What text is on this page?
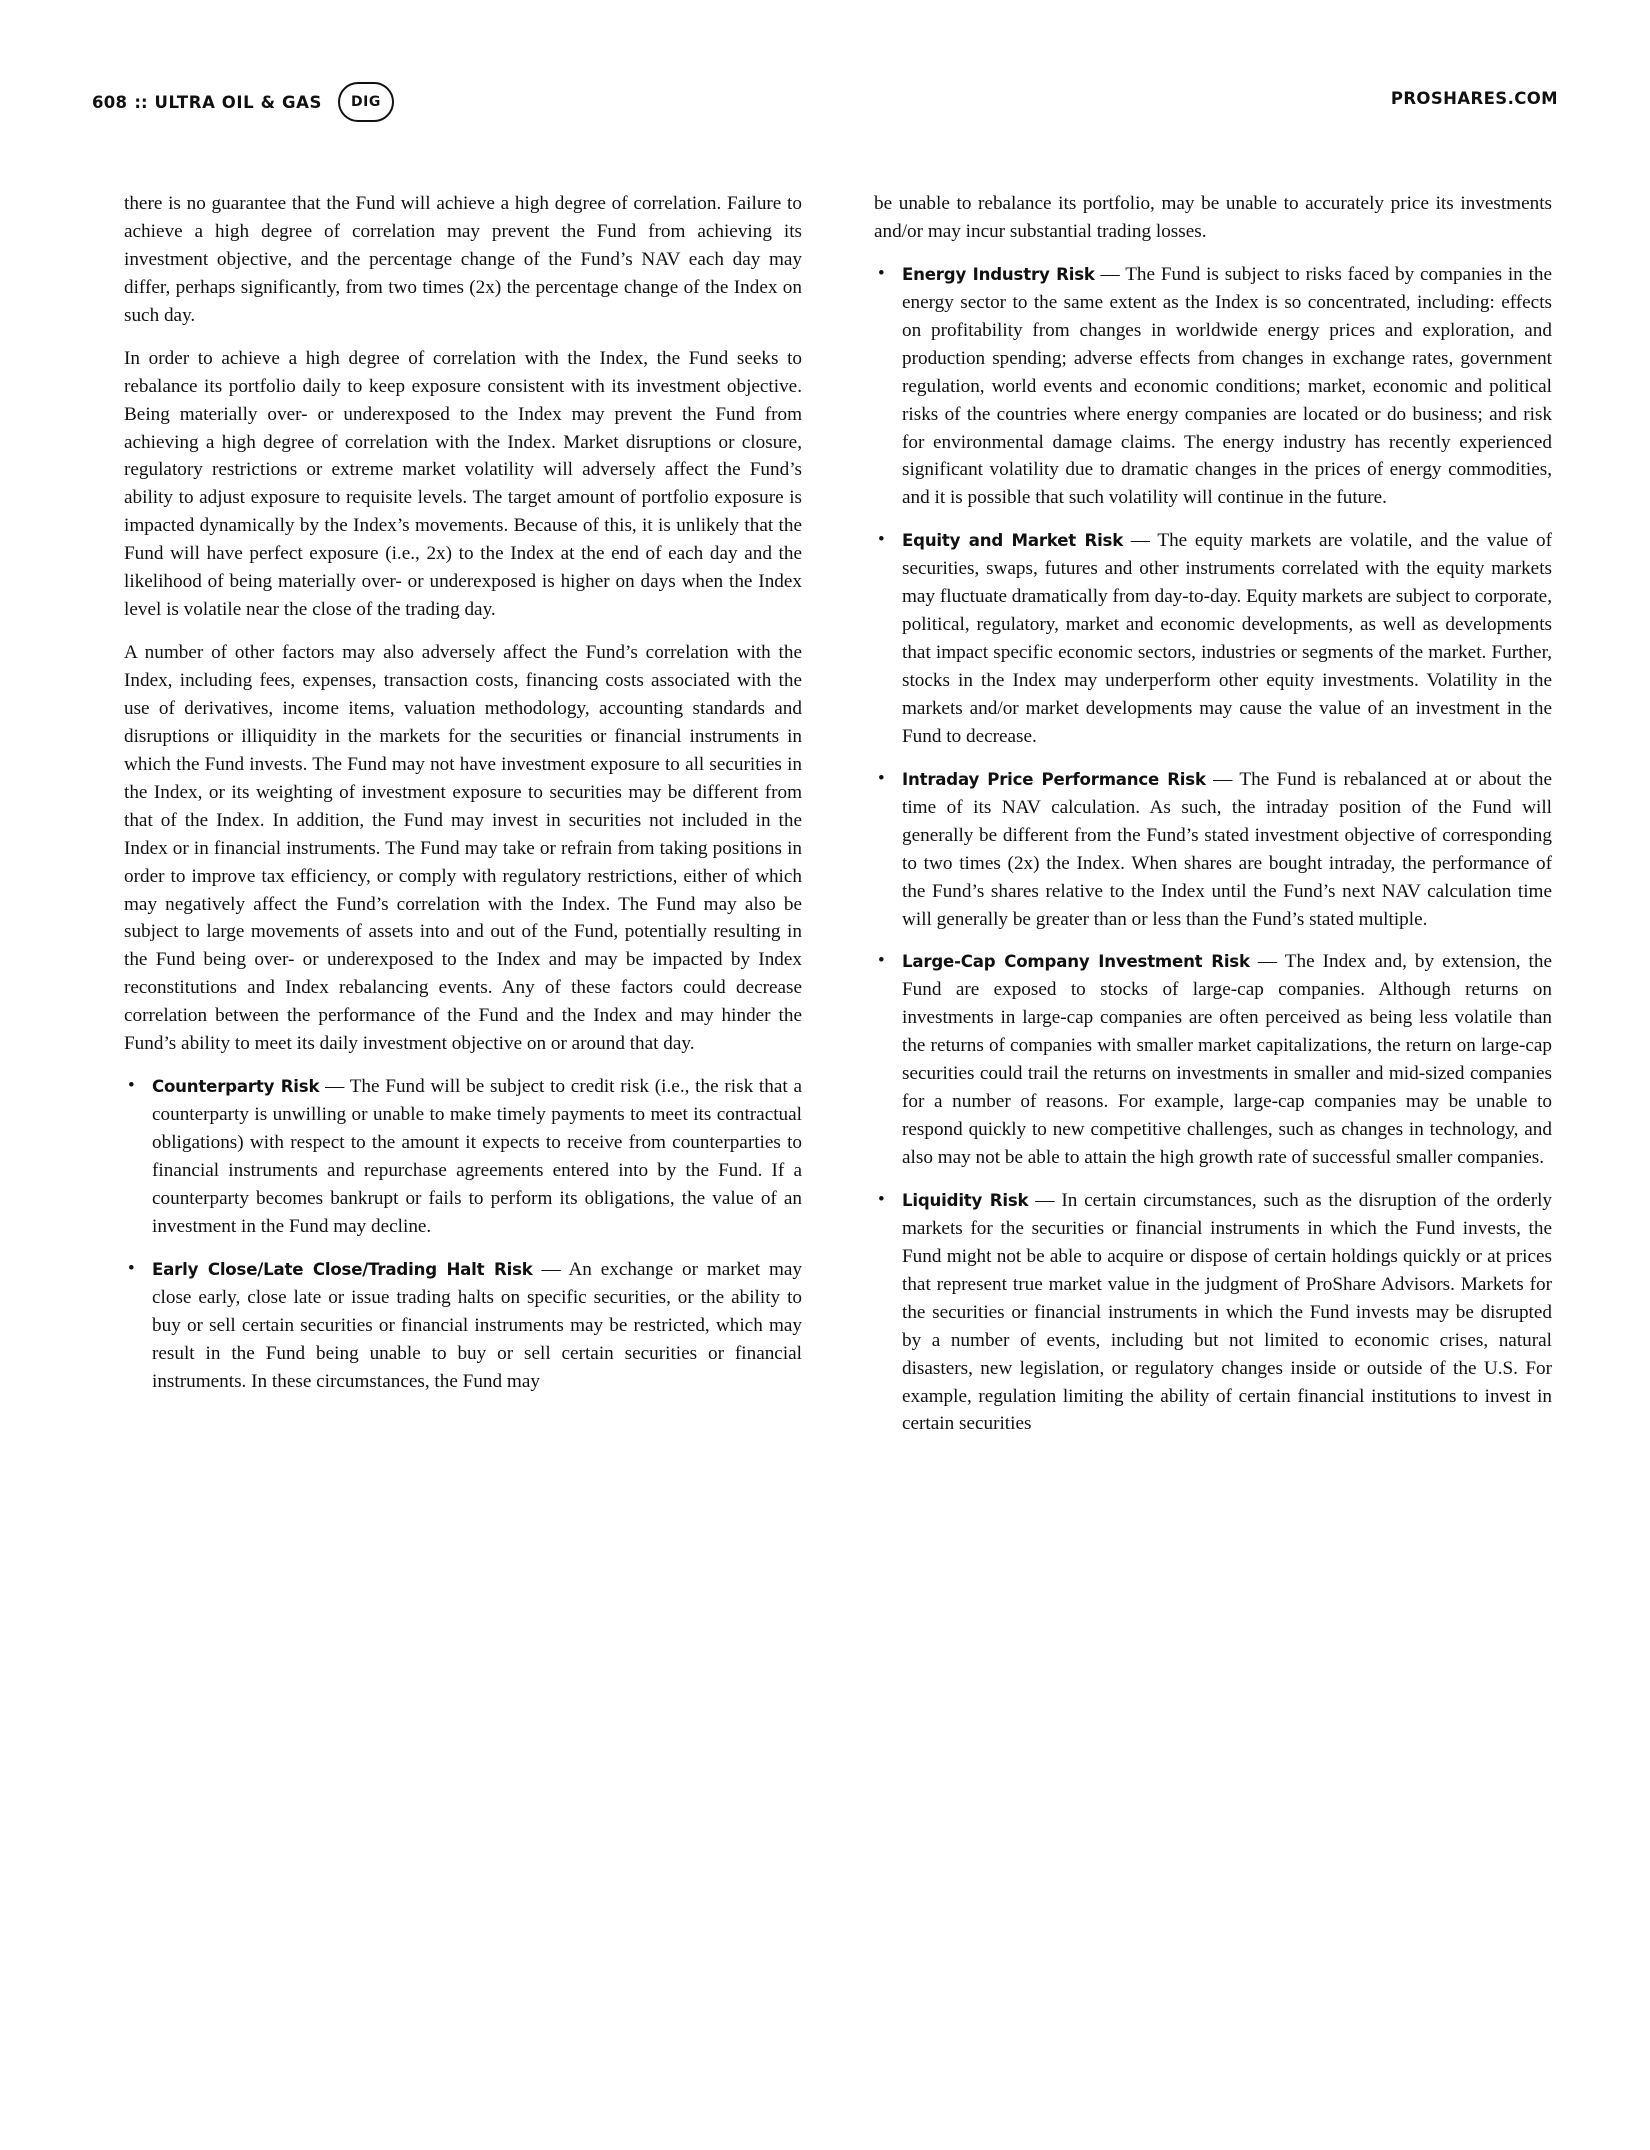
608 :: ULTRA OIL & GAS	DIG	PROSHARES.COM

there is no guarantee that the Fund will achieve a high degree of correlation. Failure to achieve a high degree of correlation may prevent the Fund from achieving its investment objective, and the percentage change of the Fund’s NAV each day may differ, perhaps significantly, from two times (2x) the percentage change of the Index on such day.

In order to achieve a high degree of correlation with the Index, the Fund seeks to rebalance its portfolio daily to keep exposure consistent with its investment objective. Being materially over- or underexposed to the Index may prevent the Fund from achieving a high degree of correlation with the Index. Market disruptions or closure, regulatory restrictions or extreme market volatility will adversely affect the Fund’s ability to adjust exposure to requisite levels. The target amount of portfolio exposure is impacted dynamically by the Index’s movements. Because of this, it is unlikely that the Fund will have perfect exposure (i.e., 2x) to the Index at the end of each day and the likelihood of being materially over- or underexposed is higher on days when the Index level is volatile near the close of the trading day.

A number of other factors may also adversely affect the Fund’s correlation with the Index, including fees, expenses, transaction costs, financing costs associated with the use of derivatives, income items, valuation methodology, accounting standards and disruptions or illiquidity in the markets for the securities or financial instruments in which the Fund invests. The Fund may not have investment exposure to all securities in the Index, or its weighting of investment exposure to securities may be different from that of the Index. In addition, the Fund may invest in securities not included in the Index or in financial instruments. The Fund may take or refrain from taking positions in order to improve tax efficiency, or comply with regulatory restrictions, either of which may negatively affect the Fund’s correlation with the Index. The Fund may also be subject to large movements of assets into and out of the Fund, potentially resulting in the Fund being over- or underexposed to the Index and may be impacted by Index reconstitutions and Index rebalancing events. Any of these factors could decrease correlation between the performance of the Fund and the Index and may hinder the Fund’s ability to meet its daily investment objective on or around that day.

• Counterparty Risk — The Fund will be subject to credit risk (i.e., the risk that a counterparty is unwilling or unable to make timely payments to meet its contractual obligations) with respect to the amount it expects to receive from counterparties to financial instruments and repurchase agreements entered into by the Fund. If a counterparty becomes bankrupt or fails to perform its obligations, the value of an investment in the Fund may decline.
• Early Close/Late Close/Trading Halt Risk — An exchange or market may close early, close late or issue trading halts on specific securities, or the ability to buy or sell certain securities or financial instruments may be restricted, which may result in the Fund being unable to buy or sell certain securities or financial instruments. In these circumstances, the Fund may

be unable to rebalance its portfolio, may be unable to accurately price its investments and/or may incur substantial trading losses.

• Energy Industry Risk — The Fund is subject to risks faced by companies in the energy sector to the same extent as the Index is so concentrated, including: effects on profitability from changes in worldwide energy prices and exploration, and production spending; adverse effects from changes in exchange rates, government regulation, world events and economic conditions; market, economic and political risks of the countries where energy companies are located or do business; and risk for environmental damage claims. The energy industry has recently experienced significant volatility due to dramatic changes in the prices of energy commodities, and it is possible that such volatility will continue in the future.
• Equity and Market Risk — The equity markets are volatile, and the value of securities, swaps, futures and other instruments correlated with the equity markets may fluctuate dramatically from day-to-day. Equity markets are subject to corporate, political, regulatory, market and economic developments, as well as developments that impact specific economic sectors, industries or segments of the market. Further, stocks in the Index may underperform other equity investments. Volatility in the markets and/or market developments may cause the value of an investment in the Fund to decrease.
• Intraday Price Performance Risk — The Fund is rebalanced at or about the time of its NAV calculation. As such, the intraday position of the Fund will generally be different from the Fund’s stated investment objective of corresponding to two times (2x) the Index. When shares are bought intraday, the performance of the Fund’s shares relative to the Index until the Fund’s next NAV calculation time will generally be greater than or less than the Fund’s stated multiple.
• Large-Cap Company Investment Risk — The Index and, by extension, the Fund are exposed to stocks of large-cap companies. Although returns on investments in large-cap companies are often perceived as being less volatile than the returns of companies with smaller market capitalizations, the return on large-cap securities could trail the returns on investments in smaller and mid-sized companies for a number of reasons. For example, large-cap companies may be unable to respond quickly to new competitive challenges, such as changes in technology, and also may not be able to attain the high growth rate of successful smaller companies.
• Liquidity Risk — In certain circumstances, such as the disruption of the orderly markets for the securities or financial instruments in which the Fund invests, the Fund might not be able to acquire or dispose of certain holdings quickly or at prices that represent true market value in the judgment of ProShare Advisors. Markets for the securities or financial instruments in which the Fund invests may be disrupted by a number of events, including but not limited to economic crises, natural disasters, new legislation, or regulatory changes inside or outside of the U.S. For example, regulation limiting the ability of certain financial institutions to invest in certain securities
